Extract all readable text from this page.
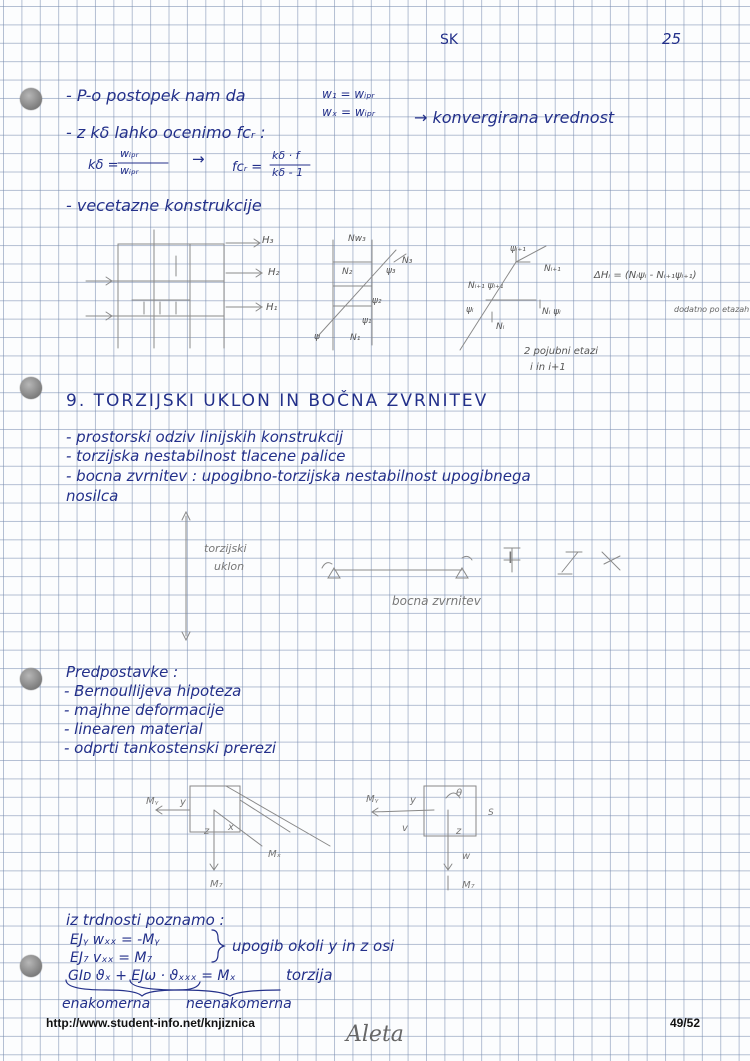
SK	25
- P-o postopek nam da	w₁ = wᵢₚᵣ
wₓ = wᵢₚᵣ → konvergirana vrednost
- z kδ lahko ocenimo fᴄᵣ :
kδ =
wᵢₚᵣ
wᵢₚᵣ
→ fᴄᵣ =
kδ · f
kδ - 1
- vecetazne konstrukcije
H₃
H₂
H₁
Nᴡ₃
N₃
N₂
N₁
ψ₃
ψ₂
ψ₁
ψ
ψᵢ₊₁
Nᵢ₊₁
Nᵢ₊₁ ψᵢ₊₁
Nᵢ ψᵢ
ψᵢ
Nᵢ
ΔHᵢ = (Nᵢψᵢ - Nᵢ₊₁ψᵢ₊₁)
dodatno po etazah
2 pojubni etazi
i in i+1
9. TORZIJSKI UKLON IN BOČNA ZVRNITEV
- prostorski odziv linijskih konstrukcij
- torzijska nestabilnost tlacene palice
- bocna zvrnitev : upogibno-torzijska nestabilnost upogibnega
nosilca
torzijski
uklon
bocna zvrnitev
I
Predpostavke :
- Bernoullijeva hipoteza
- majhne deformacije
- linearen material
- odprti tankostenski prerezi
Mᵧ y
z x
Mₓ
M₇
Mᵧ	y
v
θ
z
w
M₇
S
iz trdnosti poznamo :
EJᵧ wₓₓ = -Mᵧ
EJ₇ vₓₓ = M₇
upogib okoli y in z osi
GIᴅ ϑₓ + EJω · ϑₓₓₓ = Mₓ	torzija
enakomerna	neenakomerna
http://www.student-info.net/knjiznica	49/52
Aleta
